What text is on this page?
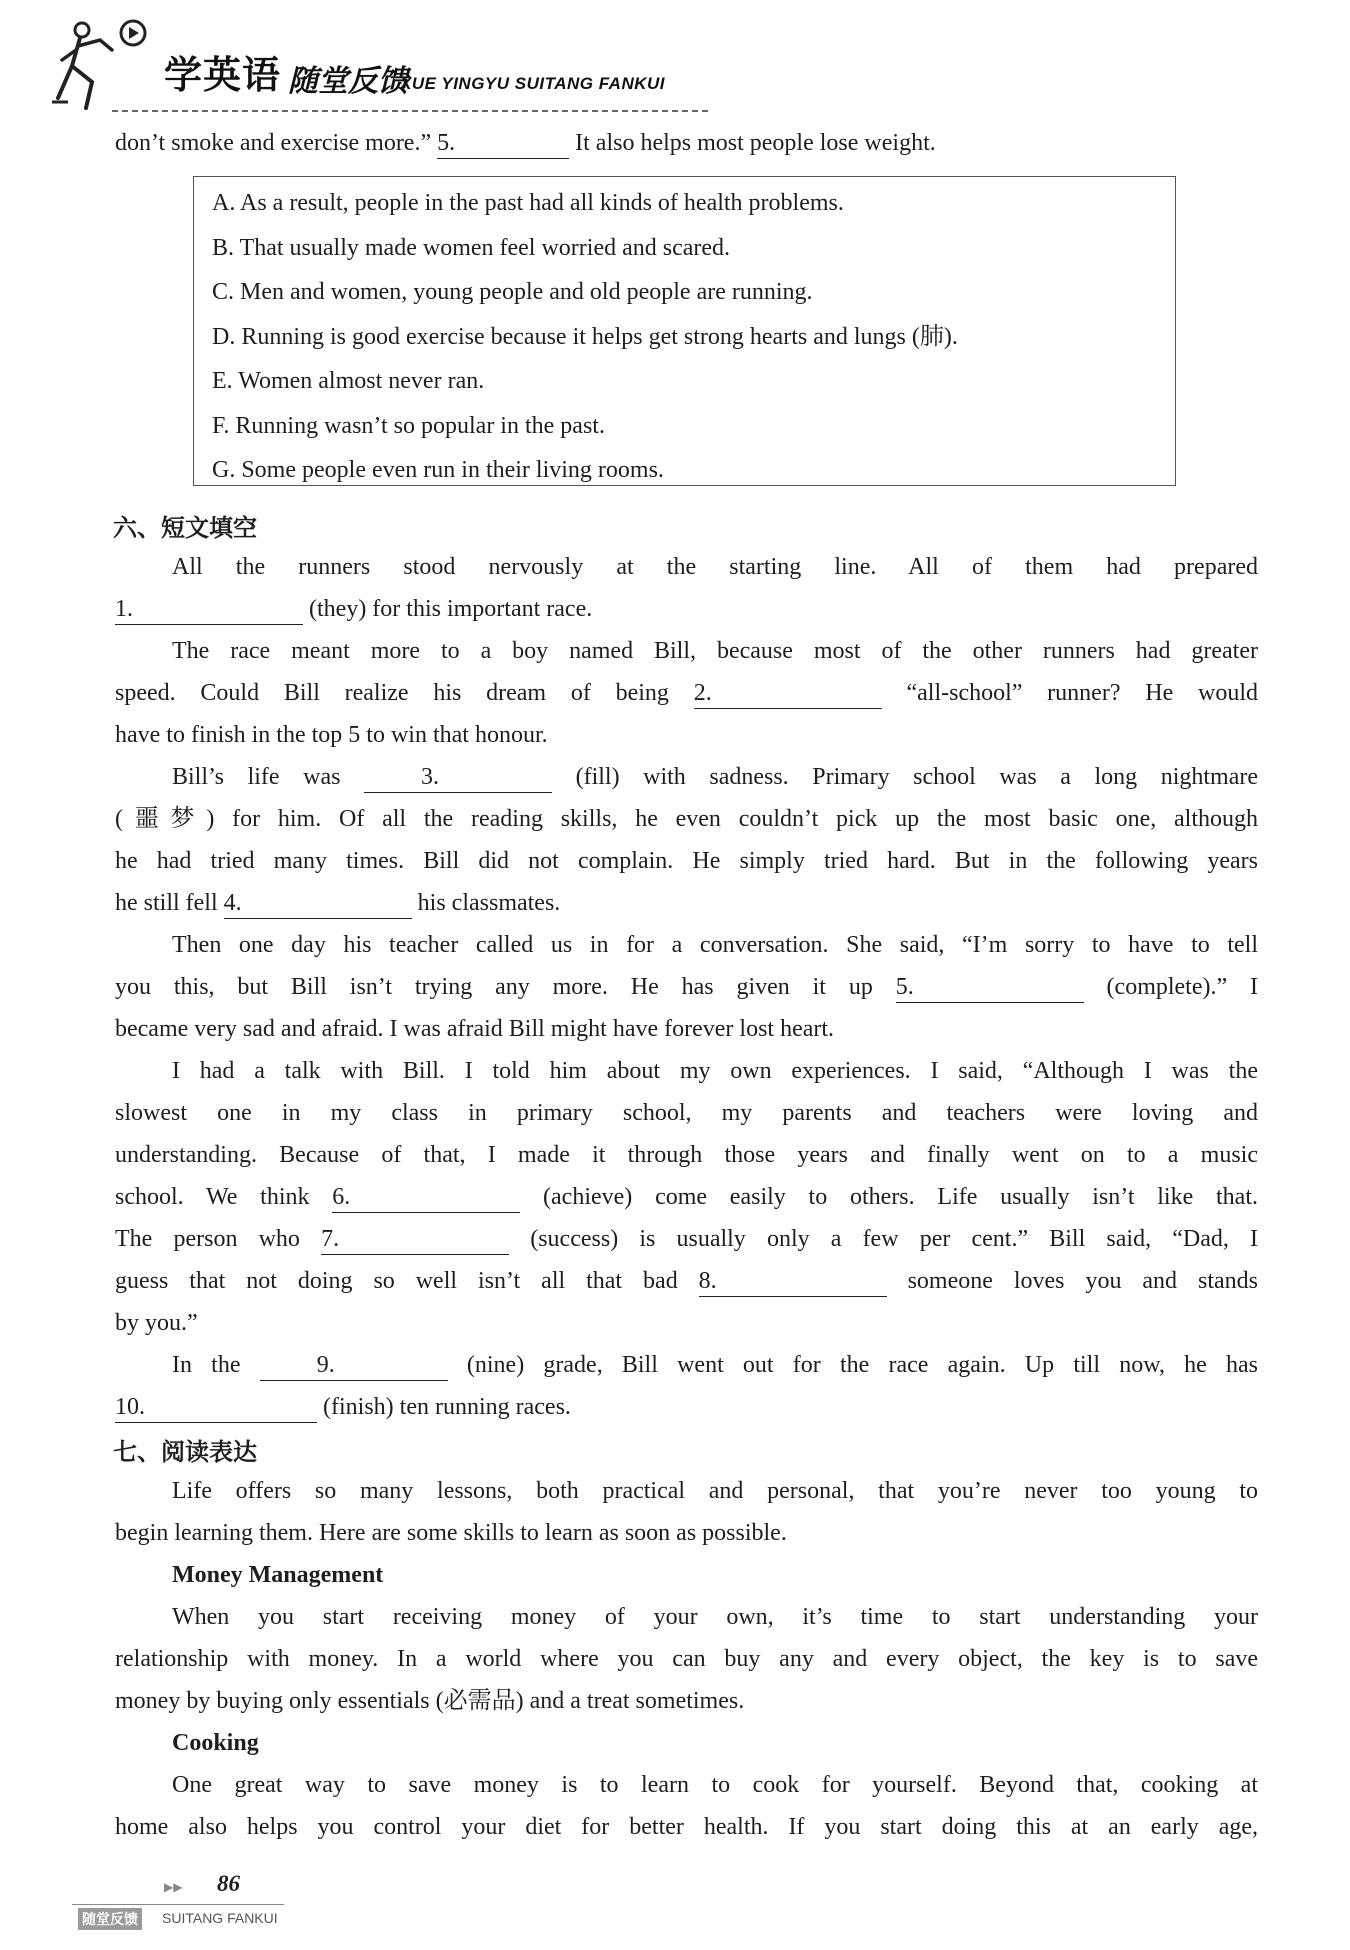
学英语 随堂反馈
XUE YINGYU SUITANG FANKUI

don’t smoke and exercise more.” 5.	It also helps most people lose weight.

A. As a result, people in the past had all kinds of health problems.
B. That usually made women feel worried and scared.
C. Men and women, young people and old people are running.
D. Running is good exercise because it helps get strong hearts and lungs (肺).
E. Women almost never ran.
F. Running wasn’t so popular in the past.
G. Some people even run in their living rooms.
六、短文填空

All the runners stood nervously at the starting line. All of them had prepared

1.	(they) for this important race.

The race meant more to a boy named Bill, because most of the other runners had greater

speed. Could Bill realize his dream of being 2.	“all-school” runner? He would

have to finish in the top 5 to win that honour.

Bill’s life was 3.	(fill) with sadness. Primary school was a long nightmare

(噩梦) for him. Of all the reading skills, he even couldn’t pick up the most basic one, although

he had tried many times. Bill did not complain. He simply tried hard. But in the following years

he still fell 4.	his classmates.

Then one day his teacher called us in for a conversation. She said, “I’m sorry to have to tell

you this, but Bill isn’t trying any more. He has given it up 5.	(complete).” I

became very sad and afraid. I was afraid Bill might have forever lost heart.

I had a talk with Bill. I told him about my own experiences. I said, “Although I was the

slowest one in my class in primary school, my parents and teachers were loving and

understanding. Because of that, I made it through those years and finally went on to a music

school. We think 6.	(achieve) come easily to others. Life usually isn’t like that.

The person who 7.	(success) is usually only a few per cent.” Bill said, “Dad, I

guess that not doing so well isn’t all that bad 8.	someone loves you and stands

by you.”

In the 9.	(nine) grade, Bill went out for the race again. Up till now, he has

10.	(finish) ten running races.

七、阅读表达

Life offers so many lessons, both practical and personal, that you’re never too young to

begin learning them. Here are some skills to learn as soon as possible.

Money Management

When you start receiving money of your own, it’s time to start understanding your

relationship with money. In a world where you can buy any and every object, the key is to save

money by buying only essentials (必需品) and a treat sometimes.

Cooking

One great way to save money is to learn to cook for yourself. Beyond that, cooking at

home also helps you control your diet for better health. If you start doing this at an early age,

▶▶ 86
随堂反馈 SUITANG FANKUI
